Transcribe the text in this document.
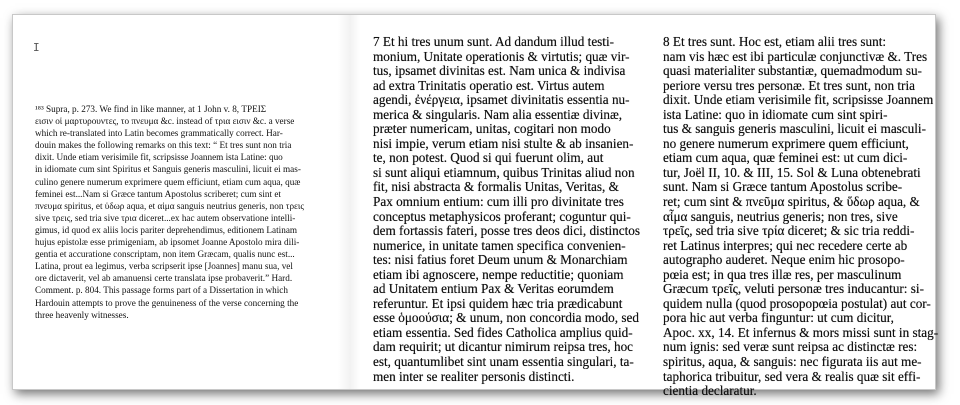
I
¹⁸³ Supra, p. 273. We find in like manner, at 1 John v. 8, ΤΡΕΙΣ
εισιν οἱ μαρτυρουντες, το πνευμα &c. instead of τρια εισιν &c. a verse
which re-translated into Latin becomes grammatically correct. Har-
douin makes the following remarks on this text: “ Et tres sunt non tria
dixit. Unde etiam verisimile fit, scripsisse Joannem ista Latine: quo
in idiomate cum sint Spiritus et Sanguis generis masculini, licuit ei mas-
culino genere numerum exprimere quem efficiunt, etiam cum aqua, quæ
feminei est...Nam si Græce tantum Apostolus scriberet; cum sint et
πνευμα spiritus, et ὑδωρ aqua, et αἱμα sanguis neutrius generis, non τρεις
sive τρεις, sed tria sive τρια diceret...ex hac autem observatione intelli-
gimus, id quod ex aliis locis pariter deprehendimus, editionem Latinam
hujus epistolæ esse primigeniam, ab ipsomet Joanne Apostolo mira dili-
gentia et accuratione conscriptam, non item Græcam, qualis nunc est...
Latina, prout ea legimus, verba scripserit ipse [Joannes] manu sua, vel
ore dictaverit, vel ab amanuensi certe translata ipse probaverit.” Hard.
Comment. p. 804. This passage forms part of a Dissertation in which
Hardouin attempts to prove the genuineness of the verse concerning the
three heavenly witnesses.
7 Et hi tres unum sunt. Ad dandum illud testi-
monium, Unitate operationis & virtutis; quæ vir-
tus, ipsamet divinitas est. Nam unica & indivisa
ad extra Trinitatis operatio est. Virtus autem
agendi, ἐνέργεια, ipsamet divinitatis essentia nu-
merica & singularis. Nam alia essentiæ divinæ,
præter numericam, unitas, cogitari non modo
nisi impie, verum etiam nisi stulte & ab insanien-
te, non potest. Quod si qui fuerunt olim, aut
si sunt aliqui etiamnum, quibus Trinitas aliud non
fit, nisi abstracta & formalis Unitas, Veritas, &
Pax omnium entium: cum illi pro divinitate tres
conceptus metaphysicos proferant; coguntur qui-
dem fortassis fateri, posse tres deos dici, distinctos
numerice, in unitate tamen specifica convenien-
tes: nisi fatius foret Deum unum & Monarchiam
etiam ibi agnoscere, nempe reductitie; quoniam
ad Unitatem entium Pax & Veritas eorumdem
referuntur. Et ipsi quidem hæc tria prædicabunt
esse ὁμοούσια; & unum, non concordia modo, sed
etiam essentia. Sed fides Catholica amplius quid-
dam requirit; ut dicantur nimirum reipsa tres, hoc
est, quantumlibet sint unam essentia singulari, ta-
men inter se realiter personis distincti.
8 Et tres sunt. Hoc est, etiam alii tres sunt:
nam vis hæc est ibi particulæ conjunctivæ &. Tres
quasi materialiter substantiæ, quemadmodum su-
periore versu tres personæ. Et tres sunt, non tria
dixit. Unde etiam verisimile fit, scripsisse Joannem
ista Latine: quo in idiomate cum sint spiri-
tus & sanguis generis masculini, licuit ei masculi-
no genere numerum exprimere quem efficiunt,
etiam cum aqua, quæ feminei est: ut cum dici-
tur, Joël II, 10. & III, 15. Sol & Luna obtenebrati
sunt. Nam si Græce tantum Apostolus scribe-
ret; cum sint & πνεῦμα spiritus, & ὕδωρ aqua, &
αἷμα sanguis, neutrius generis; non tres, sive
τρεῖς, sed tria sive τρία diceret; & sic tria reddi-
ret Latinus interpres; qui nec recedere certe ab
autographo auderet. Neque enim hic prosopo-
pœia est; in qua tres illæ res, per masculinum
Græcum τρεῖς, veluti personæ tres inducantur: si-
quidem nulla (quod prosopopœia postulat) aut cor-
pora hic aut verba finguntur: ut cum dicitur,
Apoc. xx, 14. Et infernus & mors missi sunt in stag-
num ignis: sed veræ sunt reipsa ac distinctæ res:
spiritus, aqua, & sanguis: nec figurata iis aut me-
taphorica tribuitur, sed vera & realis quæ sit effi-
cientia declaratur.
